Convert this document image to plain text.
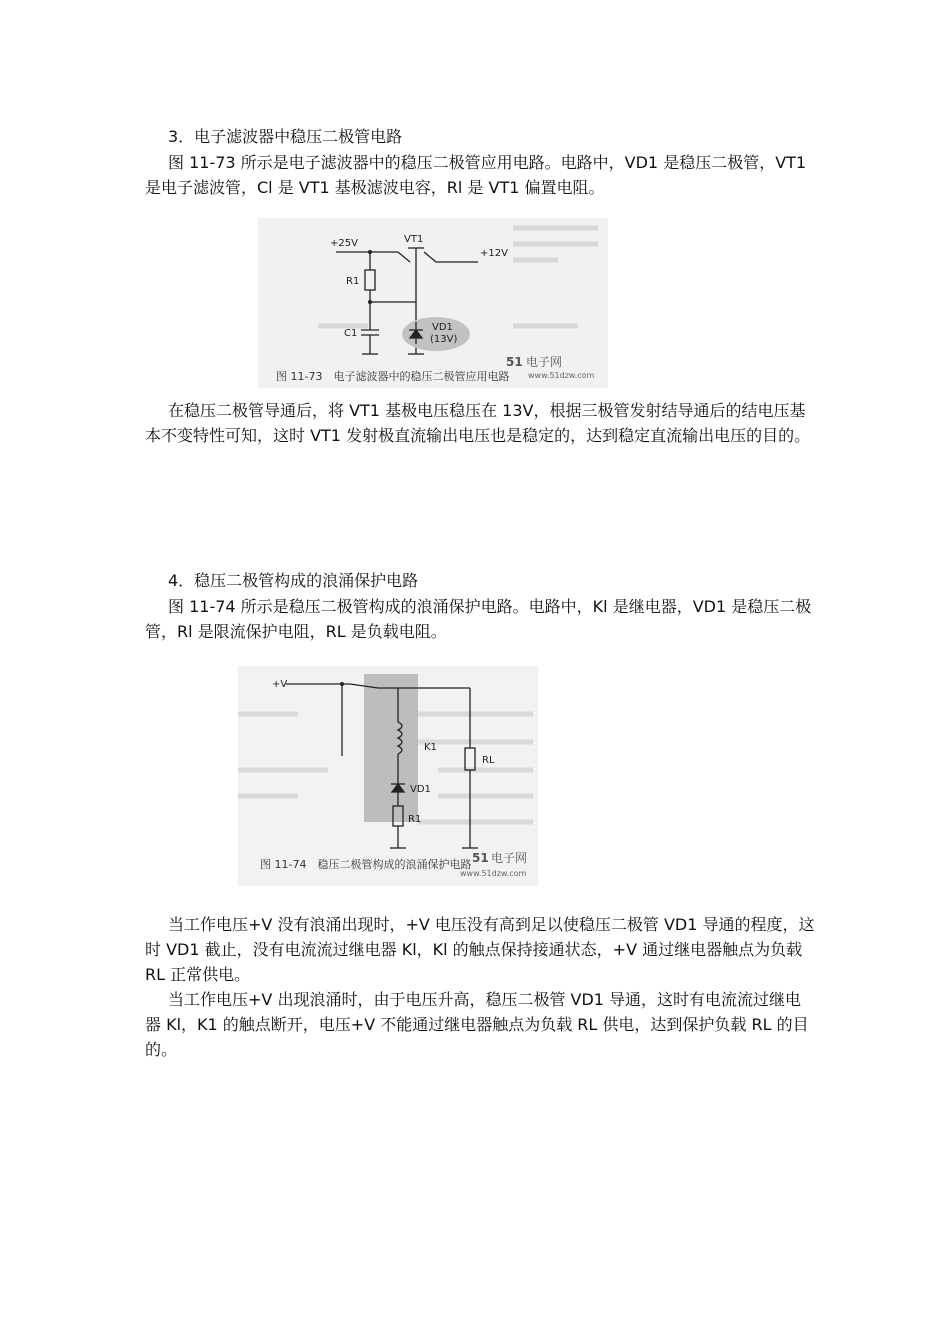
3．电子滤波器中稳压二极管电路

图 11-73 所示是电子滤波器中的稳压二极管应用电路。电路中，VD1 是稳压二极管，VT1 是电子滤波管，Cl 是 VT1 基极滤波电容，Rl 是 VT1 偏置电阻。

+25V	VT1
+12V
R1
C1
VD1
(13V)
图 11-73　电子滤波器中的稳压二极管应用电路
51 电子网
www.51dzw.com

在稳压二极管导通后，将 VT1 基极电压稳压在 13V，根据三极管发射结导通后的结电压基本不变特性可知，这时 VT1 发射极直流输出电压也是稳定的，达到稳定直流输出电压的目的。

4．稳压二极管构成的浪涌保护电路

图 11-74 所示是稳压二极管构成的浪涌保护电路。电路中，Kl 是继电器，VD1 是稳压二极管，Rl 是限流保护电阻，RL 是负载电阻。

+V
K1
RL
VD1
R1
图 11-74　稳压二极管构成的浪涌保护电路 51 电子网
www.51dzw.com

当工作电压+V 没有浪涌出现时，+V 电压没有高到足以使稳压二极管 VD1 导通的程度，这时 VD1 截止，没有电流流过继电器 Kl，Kl 的触点保持接通状态，+V 通过继电器触点为负载 RL 正常供电。

当工作电压+V 出现浪涌时，由于电压升高，稳压二极管 VD1 导通，这时有电流流过继电器 Kl，K1 的触点断开，电压+V 不能通过继电器触点为负载 RL 供电，达到保护负载 RL 的目的。
